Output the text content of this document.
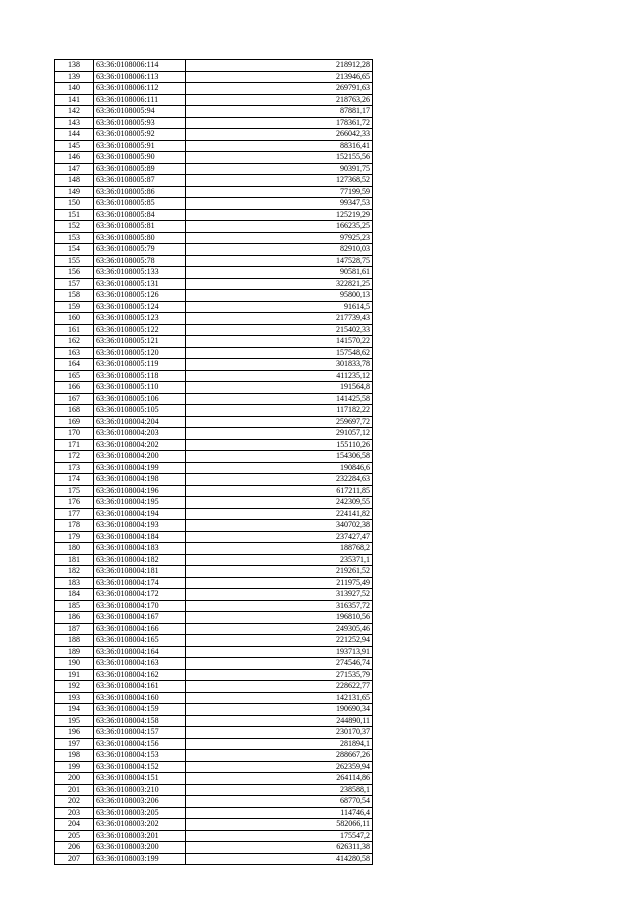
138	63:36:0108006:114	218912,28
139	63:36:0108006:113	213946,65
140	63:36:0108006:112	269791,63
141	63:36:0108006:111	218763,26
142	63:36:0108005:94	87881,17
143	63:36:0108005:93	178361,72
144	63:36:0108005:92	266042,33
145	63:36:0108005:91	88316,41
146	63:36:0108005:90	152155,56
147	63:36:0108005:89	90391,75
148	63:36:0108005:87	127368,52
149	63:36:0108005:86	77199,59
150	63:36:0108005:85	99347,53
151	63:36:0108005:84	125219,29
152	63:36:0108005:81	166235,25
153	63:36:0108005:80	97925,23
154	63:36:0108005:79	82910,03
155	63:36:0108005:78	147528,75
156	63:36:0108005:133	90581,61
157	63:36:0108005:131	322821,25
158	63:36:0108005:126	95800,13
159	63:36:0108005:124	91614,5
160	63:36:0108005:123	217739,43
161	63:36:0108005:122	215402,33
162	63:36:0108005:121	141570,22
163	63:36:0108005:120	157548,62
164	63:36:0108005:119	301833,78
165	63:36:0108005:118	411235,12
166	63:36:0108005:110	191564,8
167	63:36:0108005:106	141425,58
168	63:36:0108005:105	117182,22
169	63:36:0108004:204	259697,72
170	63:36:0108004:203	291057,12
171	63:36:0108004:202	155110,26
172	63:36:0108004:200	154306,58
173	63:36:0108004:199	190846,6
174	63:36:0108004:198	232284,63
175	63:36:0108004:196	617211,85
176	63:36:0108004:195	242309,55
177	63:36:0108004:194	224141,82
178	63:36:0108004:193	340702,38
179	63:36:0108004:184	237427,47
180	63:36:0108004:183	188768,2
181	63:36:0108004:182	235371,1
182	63:36:0108004:181	219261,52
183	63:36:0108004:174	211975,49
184	63:36:0108004:172	313927,52
185	63:36:0108004:170	316357,72
186	63:36:0108004:167	196810,56
187	63:36:0108004:166	249305,46
188	63:36:0108004:165	221252,94
189	63:36:0108004:164	193713,91
190	63:36:0108004:163	274546,74
191	63:36:0108004:162	271535,79
192	63:36:0108004:161	228622,77
193	63:36:0108004:160	142131,65
194	63:36:0108004:159	190690,34
195	63:36:0108004:158	244890,11
196	63:36:0108004:157	230170,37
197	63:36:0108004:156	281894,1
198	63:36:0108004:153	288667,26
199	63:36:0108004:152	262359,94
200	63:36:0108004:151	264114,86
201	63:36:0108003:210	238588,1
202	63:36:0108003:206	68770,54
203	63:36:0108003:205	114746,4
204	63:36:0108003:202	582066,11
205	63:36:0108003:201	175547,2
206	63:36:0108003:200	626311,38
207	63:36:0108003:199	414280,58
